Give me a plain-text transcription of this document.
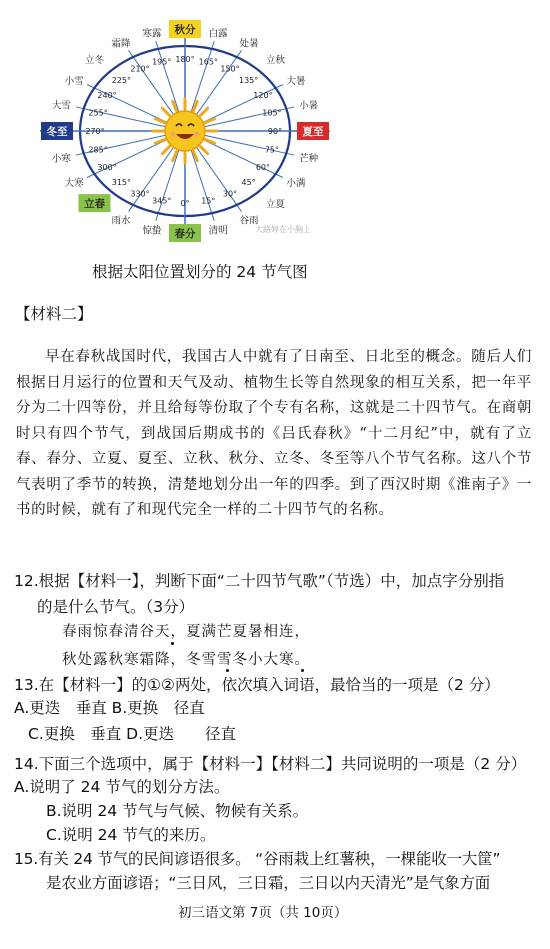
180°
秋分
165°
白露
150°
处暑
135°
立秋
120°
大暑
105°
小暑
90° 夏至
75°
芒种
60°
小满
45°
立夏
30°
谷雨
15°
清明
0°
春分
345°
惊蛰
330°
雨水
315°
立春
300°
大寒
285°
小寒
270°
冬至
255°
大雪
240°
小雪	225°
立冬
210°
霜降
195°
寒露
大路婷在小胸上
根据太阳位置划分的 24 节气图
【材料二】

早在春秋战国时代，我国古人中就有了日南至、日北至的概念。随后人们根据日月运行的位置和天气及动、植物生长等自然现象的相互关系，把一年平分为二十四等份，并且给每等份取了个专有名称，这就是二十四节气。在商朝时只有四个节气，到战国后期成书的《吕氏春秋》“十二月纪”中，就有了立春、春分、立夏、夏至、立秋、秋分、立冬、冬至等八个节气名称。这八个节气表明了季节的转换，清楚地划分出一年的四季。到了西汉时期《淮南子》一书的时候，就有了和现代完全一样的二十四节气的名称。

12.根据【材料一】，判断下面“二十四节气歌”（节选）中，加点字分别指
的是什么节气。（3分）
春雨惊春清谷天，夏满芒夏暑相连，
秋处露秋寒霜降，冬雪雪冬小大寒。
13.在【材料一】的①②两处，依次填入词语，最恰当的一项是（2 分）
A.更迭　垂直 B.更换　径直
C.更换　垂直 D.更迭　　径直
14.下面三个选项中，属于【材料一】【材料二】共同说明的一项是（2 分）
A.说明了 24 节气的划分方法。
B.说明 24 节气与气候、物候有关系。
C.说明 24 节气的来历。
15.有关 24 节气的民间谚语很多。 “谷雨栽上红薯秧，一棵能收一大筐”
是农业方面谚语；“三日风，三日霜，三日以内天清光”是气象方面
初三语文第 7页（共 10页）
